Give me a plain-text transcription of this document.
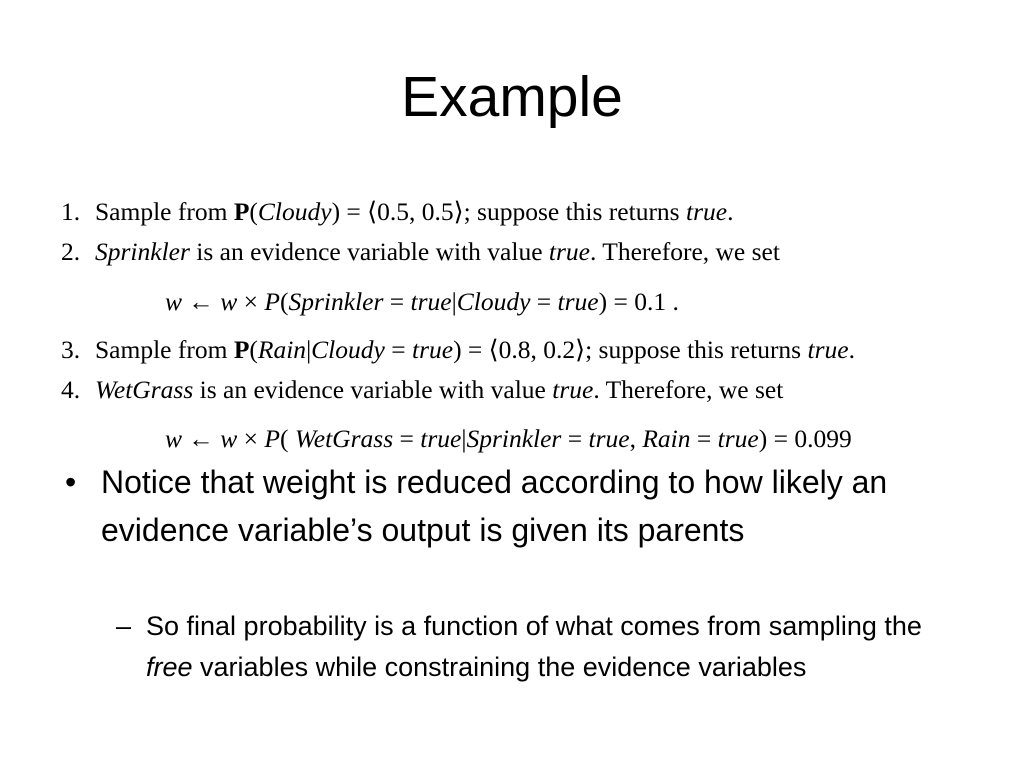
Example
1. Sample from P(Cloudy) = ⟨0.5, 0.5⟩; suppose this returns true.
2. Sprinkler is an evidence variable with value true. Therefore, we set
w ← w × P(Sprinkler = true|Cloudy = true) = 0.1 .
3. Sample from P(Rain|Cloudy = true) = ⟨0.8, 0.2⟩; suppose this returns true.
4. WetGrass is an evidence variable with value true. Therefore, we set
w ← w × P( WetGrass = true|Sprinkler = true, Rain = true) = 0.099
• Notice that weight is reduced according to how likely an evidence variable’s output is given its parents
– So final probability is a function of what comes from sampling the free variables while constraining the evidence variables
